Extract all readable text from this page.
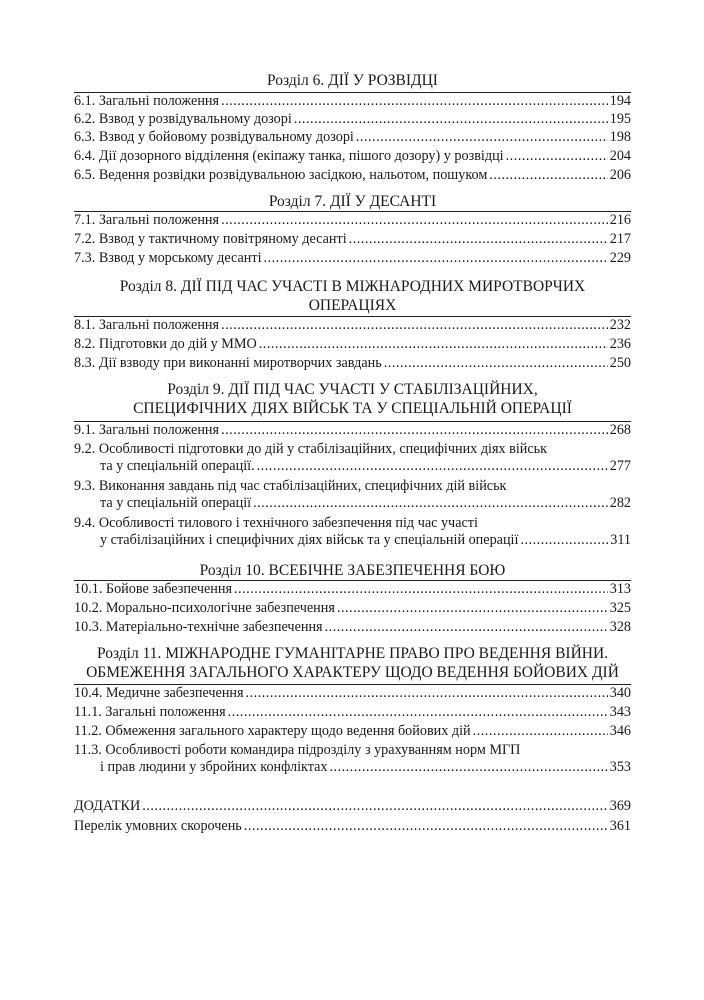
Розділ 6. ДІЇ У РОЗВІДЦІ
6.1. Загальні положення .....	194
6.2. Взвод у розвідувальному дозорі .....	195
6.3. Взвод у бойовому розвідувальному дозорі .....	198
6.4. Дії дозорного відділення (екіпажу танка, пішого дозору) у розвідці .....	204
6.5. Ведення розвідки розвідувальною засідкою, нальотом, пошуком .....	206
Розділ 7. ДІЇ У ДЕСАНТІ
7.1. Загальні положення .....	216
7.2. Взвод у тактичному повітряному десанті .....	217
7.3. Взвод у морському десанті .....	229
Розділ 8. ДІЇ ПІД ЧАС УЧАСТІ В МІЖНАРОДНИХ МИРОТВОРЧИХ
ОПЕРАЦІЯХ
8.1. Загальні положення .....	232
8.2. Підготовки до дій у ММО .....	236
8.3. Дії взводу при виконанні миротворчих завдань .....	250
Розділ 9. ДІЇ ПІД ЧАС УЧАСТІ У СТАБІЛІЗАЦІЙНИХ,
СПЕЦИФІЧНИХ ДІЯХ ВІЙСЬК ТА У СПЕЦІАЛЬНІЙ ОПЕРАЦІЇ
9.1. Загальні положення .....	268
9.2. Особливості підготовки до дій у стабілізаційних, специфічних діях військ
та у спеціальній операції. .....	277
9.3. Виконання завдань під час стабілізаційних, специфічних дій військ
та у спеціальній операції .....	282
9.4. Особливості тилового і технічного забезпечення під час участі
у стабілізаційних і специфічних діях військ та у спеціальній операції .....	311
Розділ 10. ВСЕБІЧНЕ ЗАБЕЗПЕЧЕННЯ БОЮ
10.1. Бойове забезпечення .....	313
10.2. Морально-психологічне забезпечення .....	325
10.3. Матеріально-технічне забезпечення .....	328
Розділ 11. МІЖНАРОДНЕ ГУМАНІТАРНЕ ПРАВО ПРО ВЕДЕННЯ ВІЙНИ.
ОБМЕЖЕННЯ ЗАГАЛЬНОГО ХАРАКТЕРУ ЩОДО ВЕДЕННЯ БОЙОВИХ ДІЙ
10.4. Медичне забезпечення .....	340
11.1. Загальні положення .....	343
11.2. Обмеження загального характеру щодо ведення бойових дій .....	346
11.3. Особливості роботи командира підрозділу з урахуванням норм МГП
і прав людини у збройних конфліктах .....	353
ДОДАТКИ .....	369
Перелік умовних скорочень .....	361
